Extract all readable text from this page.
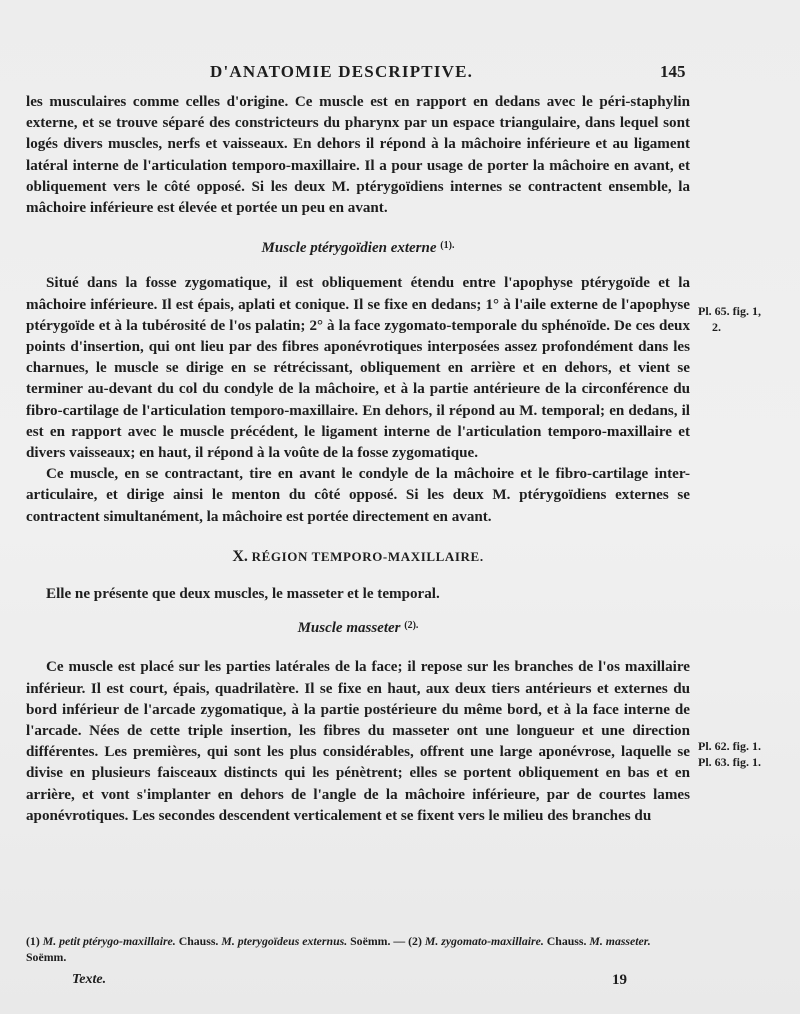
D'ANATOMIE DESCRIPTIVE.	145

les musculaires comme celles d'origine. Ce muscle est en rapport en dedans avec le péri-staphylin externe, et se trouve séparé des constricteurs du pharynx par un espace triangulaire, dans lequel sont logés divers muscles, nerfs et vaisseaux. En dehors il répond à la mâchoire inférieure et au ligament latéral interne de l'articulation temporo-maxillaire. Il a pour usage de porter la mâchoire en avant, et obliquement vers le côté opposé. Si les deux M. ptérygoïdiens internes se contractent ensemble, la mâchoire inférieure est élevée et portée un peu en avant.

Muscle ptérygoïdien externe $^{(1).}$

Situé dans la fosse zygomatique, il est obliquement étendu entre l'apophyse ptérygoïde et la mâchoire inférieure. Il est épais, aplati et conique. Il se fixe en dedans; 1° à l'aile externe de l'apophyse ptérygoïde et à la tubérosité de l'os palatin; 2° à la face zygomato-temporale du sphénoïde. De ces deux points d'insertion, qui ont lieu par des fibres aponévrotiques interposées assez profondément dans les charnues, le muscle se dirige en se rétrécissant, obliquement en arrière et en dehors, et vient se terminer au-devant du col du condyle de la mâchoire, et à la partie antérieure de la circonférence du fibro-cartilage de l'articulation temporo-maxillaire. En dehors, il répond au M. temporal; en dedans, il est en rapport avec le muscle précédent, le ligament interne de l'articulation temporo-maxillaire et divers vaisseaux; en haut, il répond à la voûte de la fosse zygomatique.

Ce muscle, en se contractant, tire en avant le condyle de la mâchoire et le fibro-cartilage inter-articulaire, et dirige ainsi le menton du côté opposé. Si les deux M. ptérygoïdiens externes se contractent simultanément, la mâchoire est portée directement en avant.

X. RÉGION TEMPORO-MAXILLAIRE.

Elle ne présente que deux muscles, le masseter et le temporal.

Muscle masseter $^{(2).}$

Ce muscle est placé sur les parties latérales de la face; il repose sur les branches de l'os maxillaire inférieur. Il est court, épais, quadrilatère. Il se fixe en haut, aux deux tiers antérieurs et externes du bord inférieur de l'arcade zygomatique, à la partie postérieure du même bord, et à la face interne de l'arcade. Nées de cette triple insertion, les fibres du masseter ont une longueur et une direction différentes. Les premières, qui sont les plus considérables, offrent une large aponévrose, laquelle se divise en plusieurs faisceaux distincts qui les pénètrent; elles se portent obliquement en bas et en arrière, et vont s'implanter en dehors de l'angle de la mâchoire inférieure, par de courtes lames aponévrotiques. Les secondes descendent verticalement et se fixent vers le milieu des branches du

Pl. 65. fig. 1,
2.
Pl. 62. fig. 1.
Pl. 63. fig. 1.
(1) M. petit ptérygo-maxillaire. Chauss. M. pterygoïdeus externus. Soëmm. — (2) M. zygomato-maxillaire. Chauss. M. masseter. Soëmm.
Texte.	19
